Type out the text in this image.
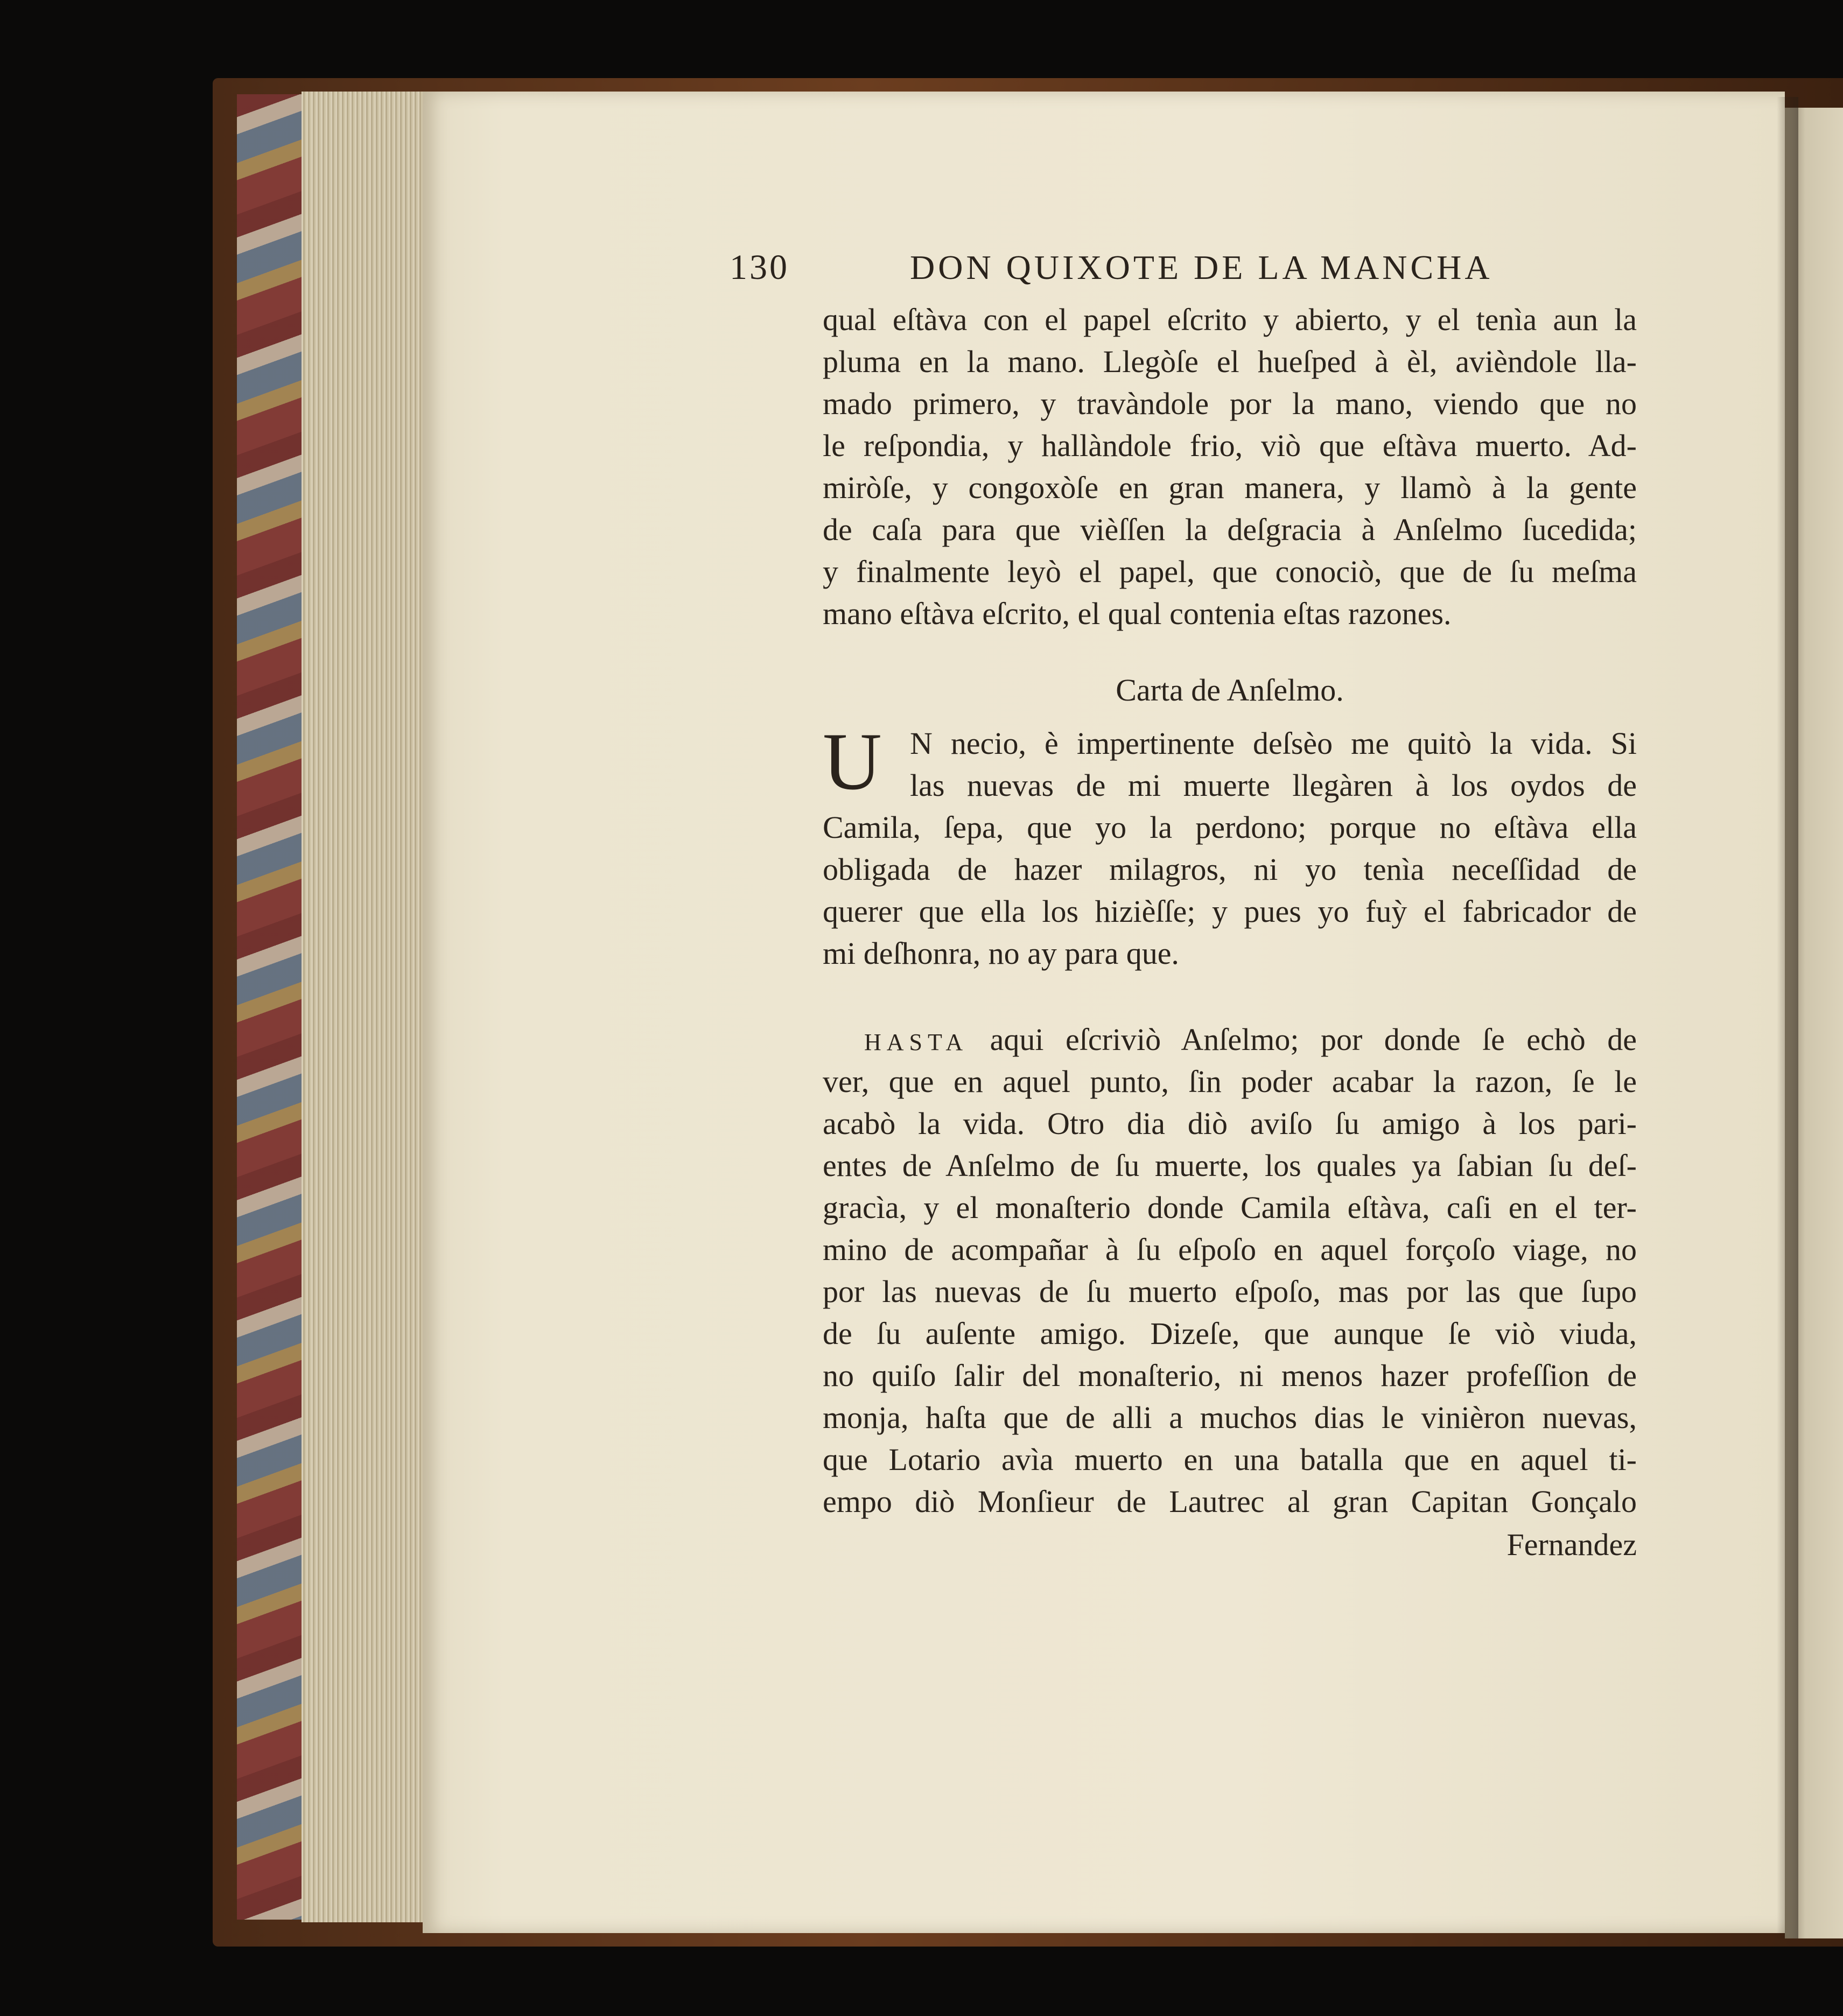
130	DON QUIXOTE DE LA MANCHA
qual eſtàva con el papel eſcrito y abierto, y el tenìa aun la
pluma en la mano. Llegòſe el hueſped à èl, avièndole lla-
mado primero, y travàndole por la mano, viendo que no
le reſpondia, y hallàndole frio, viò que eſtàva muerto. Ad-
miròſe, y congoxòſe en gran manera, y llamò à la gente
de caſa para que vièſſen la deſgracia à Anſelmo ſucedida;
y finalmente leyò el papel, que conociò, que de ſu meſma
mano eſtàva eſcrito, el qual contenia eſtas razones.
Carta de Anſelmo.
U N necio, è impertinente deſsèo me quitò la vida. Si
las nuevas de mi muerte llegàren à los oydos de
Camila, ſepa, que yo la perdono; porque no eſtàva ella
obligada de hazer milagros, ni yo tenìa neceſſidad de
querer que ella los hizièſſe; y pues yo fuỳ el fabricador de
mi deſhonra, no ay para que.
HASTA aqui eſcriviò Anſelmo; por donde ſe echò de
ver, que en aquel punto, ſin poder acabar la razon, ſe le
acabò la vida. Otro dia diò aviſo ſu amigo à los pari-
entes de Anſelmo de ſu muerte, los quales ya ſabian ſu deſ-
gracìa, y el monaſterio donde Camila eſtàva, caſi en el ter-
mino de acompañar à ſu eſpoſo en aquel forçoſo viage, no
por las nuevas de ſu muerto eſpoſo, mas por las que ſupo
de ſu auſente amigo. Dizeſe, que aunque ſe viò viuda,
no quiſo ſalir del monaſterio, ni menos hazer profeſſion de
monja, haſta que de alli a muchos dias le vinièron nuevas,
que Lotario avìa muerto en una batalla que en aquel ti-
empo diò Monſieur de Lautrec al gran Capitan Gonçalo
Fernandez
